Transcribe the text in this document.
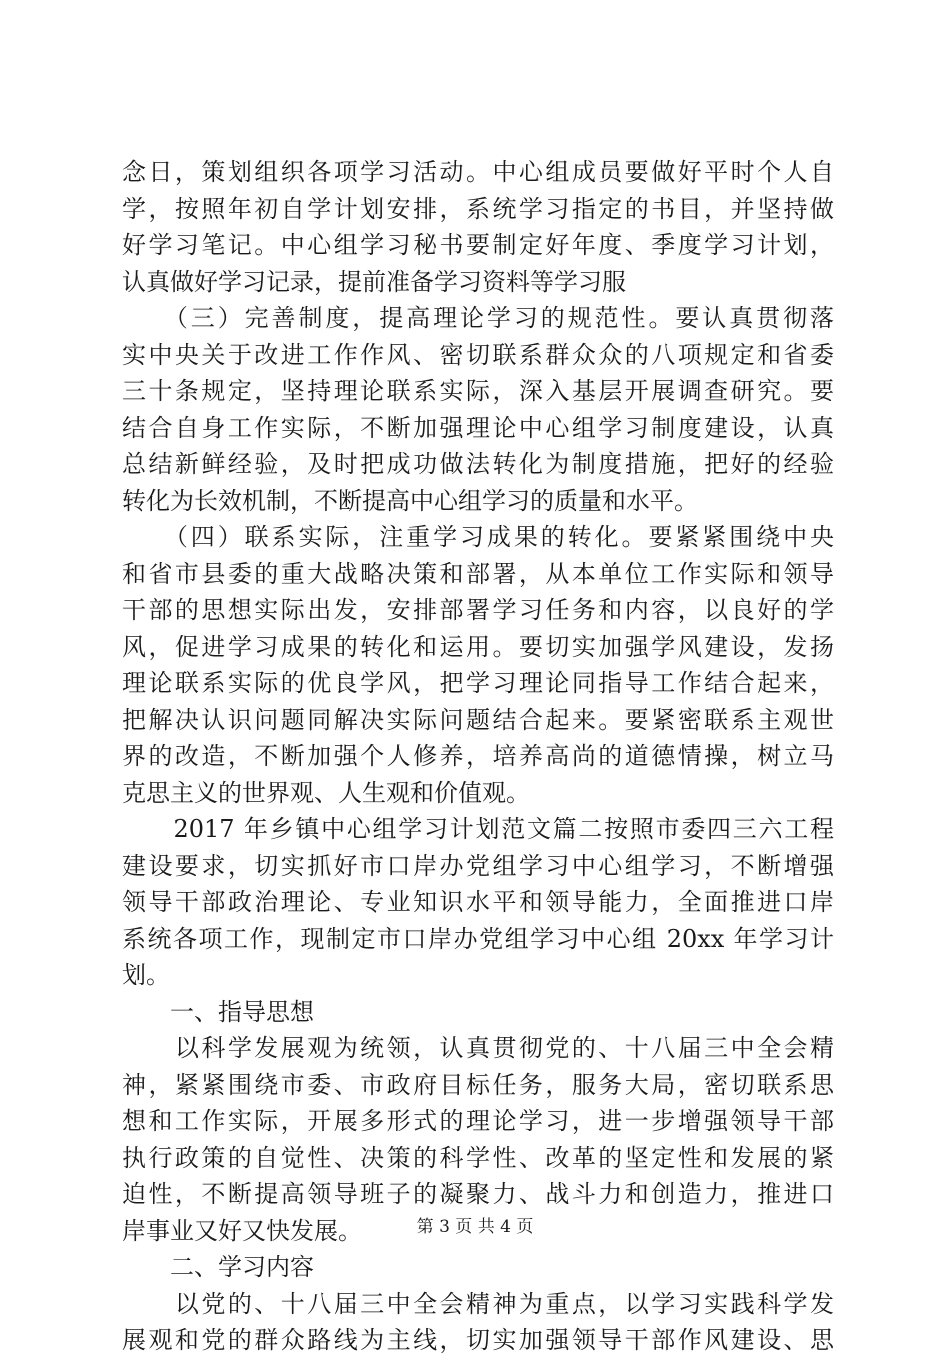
念日，策划组织各项学习活动。中心组成员要做好平时个人自
学，按照年初自学计划安排，系统学习指定的书目，并坚持做
好学习笔记。中心组学习秘书要制定好年度、季度学习计划，
认真做好学习记录，提前准备学习资料等学习服
　　（三）完善制度，提高理论学习的规范性。要认真贯彻落
实中央关于改进工作作风、密切联系群众众的八项规定和省委
三十条规定，坚持理论联系实际，深入基层开展调查研究。要
结合自身工作实际，不断加强理论中心组学习制度建设，认真
总结新鲜经验，及时把成功做法转化为制度措施，把好的经验
转化为长效机制，不断提高中心组学习的质量和水平。
　　（四）联系实际，注重学习成果的转化。要紧紧围绕中央
和省市县委的重大战略决策和部署，从本单位工作实际和领导
干部的思想实际出发，安排部署学习任务和内容，以良好的学
风，促进学习成果的转化和运用。要切实加强学风建设，发扬
理论联系实际的优良学风，把学习理论同指导工作结合起来，
把解决认识问题同解决实际问题结合起来。要紧密联系主观世
界的改造，不断加强个人修养，培养高尚的道德情操，树立马
克思主义的世界观、人生观和价值观。
　　2017 年乡镇中心组学习计划范文篇二按照市委四三六工程
建设要求，切实抓好市口岸办党组学习中心组学习，不断增强
领导干部政治理论、专业知识水平和领导能力，全面推进口岸
系统各项工作，现制定市口岸办党组学习中心组 20xx 年学习计
划。
　　一、指导思想
　　以科学发展观为统领，认真贯彻党的、十八届三中全会精
神，紧紧围绕市委、市政府目标任务，服务大局，密切联系思
想和工作实际，开展多形式的理论学习，进一步增强领导干部
执行政策的自觉性、决策的科学性、改革的坚定性和发展的紧
迫性，不断提高领导班子的凝聚力、战斗力和创造力，推进口
岸事业又好又快发展。
　　二、学习内容
　　以党的、十八届三中全会精神为重点，以学习实践科学发
展观和党的群众路线为主线，切实加强领导干部作风建设、思
第 3 页 共 4 页
